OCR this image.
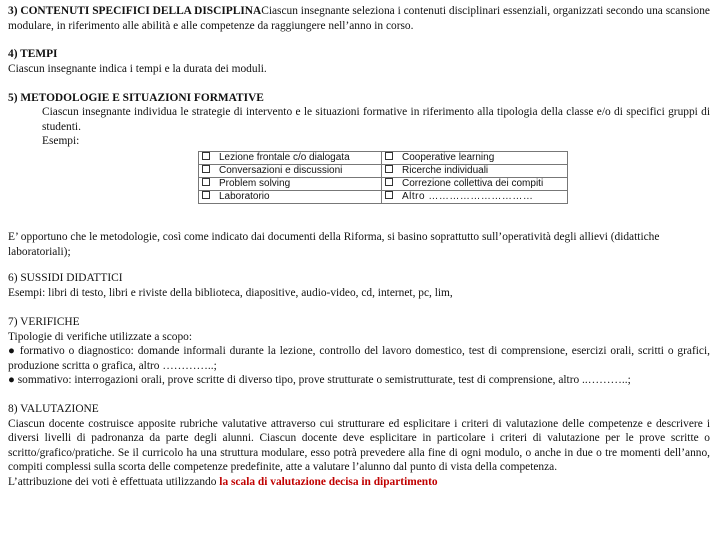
3) CONTENUTI SPECIFICI DELLA DISCIPLINACiascun insegnante seleziona i contenuti disciplinari essenziali, organizzati secondo una scansione modulare, in riferimento alle abilità e alle competenze da raggiungere nell’anno in corso.
4) TEMPI
Ciascun insegnante indica i tempi e la durata dei moduli.
5) METODOLOGIE E SITUAZIONI FORMATIVE
Ciascun insegnante individua le strategie di intervento e le situazioni formative in riferimento alla tipologia della classe e/o di specifici gruppi di studenti.
Esempi:
Lezione frontale c/o dialogata	Cooperative learning
Conversazioni e discussioni	Ricerche individuali
Problem solving	Correzione collettiva dei compiti
Laboratorio	Altro …………………………
E’ opportuno che le metodologie, così come indicato dai documenti della Riforma, si basino soprattutto sull’operatività degli allievi (didattiche laboratoriali);
6) SUSSIDI DIDATTICI
Esempi: libri di testo, libri e riviste della biblioteca, diapositive, audio-video, cd, internet, pc, lim,
7) VERIFICHE
Tipologie di verifiche utilizzate a scopo:
● formativo o diagnostico: domande informali durante la lezione, controllo del lavoro domestico, test di comprensione, esercizi orali, scritti o grafici, produzione scritta o grafica, altro …………..;
● sommativo: interrogazioni orali, prove scritte di diverso tipo, prove strutturate o semistrutturate, test di comprensione, altro ..………..;
8) VALUTAZIONE
Ciascun docente costruisce apposite rubriche valutative attraverso cui strutturare ed esplicitare i criteri di valutazione delle competenze e descrivere i diversi livelli di padronanza da parte degli alunni. Ciascun docente deve esplicitare in particolare i criteri di valutazione per le prove scritte o scritto/grafico/pratiche. Se il curricolo ha una struttura modulare, esso potrà prevedere alla fine di ogni modulo, o anche in due o tre momenti dell’anno, compiti complessi sulla scorta delle competenze predefinite, atte a valutare l’alunno dal punto di vista della competenza.
L’attribuzione dei voti è effettuata utilizzando la scala di valutazione decisa in dipartimento
